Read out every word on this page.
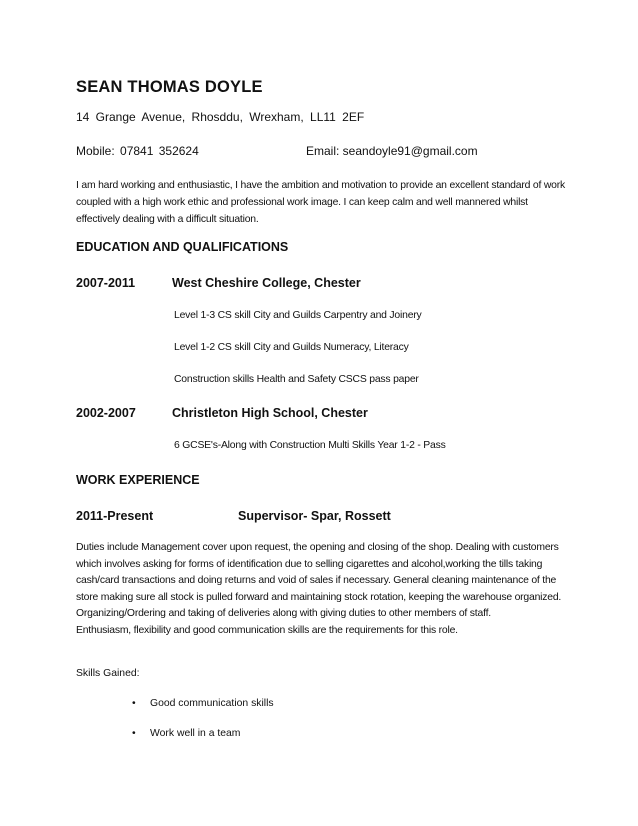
SEAN THOMAS DOYLE
14 Grange Avenue, Rhosddu, Wrexham, LL11 2EF
Mobile: 07841 352624	Email: seandoyle91@gmail.com
I am hard working and enthusiastic, I have the ambition and motivation to provide an excellent standard of work coupled with a high work ethic and professional work image. I can keep calm and well mannered whilst effectively dealing with a difficult situation.
EDUCATION AND QUALIFICATIONS
2007-2011	West Cheshire College, Chester
Level 1-3 CS skill City and Guilds Carpentry and Joinery
Level 1-2 CS skill City and Guilds Numeracy, Literacy
Construction skills Health and Safety CSCS pass paper
2002-2007	Christleton High School, Chester
6 GCSE's-Along with Construction Multi Skills Year 1-2 - Pass
WORK EXPERIENCE
2011-Present	Supervisor- Spar, Rossett
Duties include Management cover upon request, the opening and closing of the shop. Dealing with customers which involves asking for forms of identification due to selling cigarettes and alcohol,working the tills taking cash/card transactions and doing returns and void of sales if necessary. General cleaning maintenance of the store making sure all stock is pulled forward and maintaining stock rotation, keeping the warehouse organized. Organizing/Ordering and taking of deliveries along with giving duties to other members of staff.
Enthusiasm, flexibility and good communication skills are the requirements for this role.
Skills Gained:
• Good communication skills
• Work well in a team
